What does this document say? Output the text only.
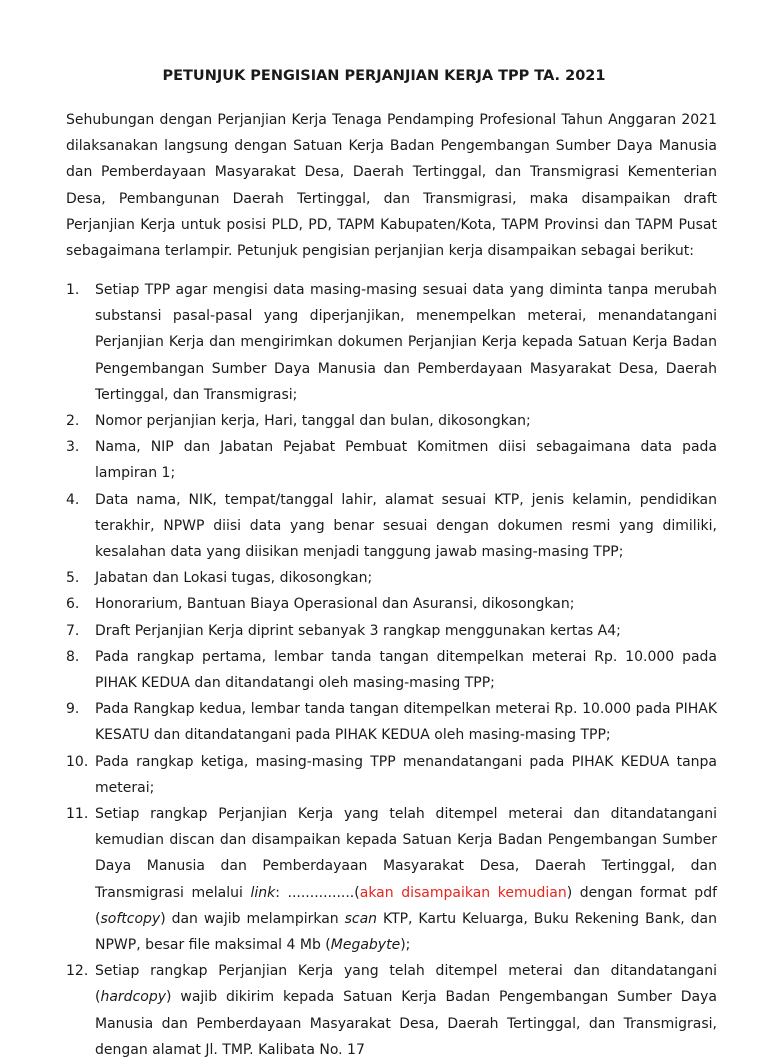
PETUNJUK PENGISIAN PERJANJIAN KERJA TPP TA. 2021

Sehubungan dengan Perjanjian Kerja Tenaga Pendamping Profesional Tahun Anggaran 2021 dilaksanakan langsung dengan Satuan Kerja Badan Pengembangan Sumber Daya Manusia dan Pemberdayaan Masyarakat Desa, Daerah Tertinggal, dan Transmigrasi Kementerian Desa, Pembangunan Daerah Tertinggal, dan Transmigrasi, maka disampaikan draft Perjanjian Kerja untuk posisi PLD, PD, TAPM Kabupaten/Kota, TAPM Provinsi dan TAPM Pusat sebagaimana terlampir. Petunjuk pengisian perjanjian kerja disampaikan sebagai berikut:

1. Setiap TPP agar mengisi data masing-masing sesuai data yang diminta tanpa merubah substansi pasal-pasal yang diperjanjikan, menempelkan meterai, menandatangani Perjanjian Kerja dan mengirimkan dokumen Perjanjian Kerja kepada Satuan Kerja Badan Pengembangan Sumber Daya Manusia dan Pemberdayaan Masyarakat Desa, Daerah Tertinggal, dan Transmigrasi;
2. Nomor perjanjian kerja, Hari, tanggal dan bulan, dikosongkan;
3. Nama, NIP dan Jabatan Pejabat Pembuat Komitmen diisi sebagaimana data pada lampiran 1;
4. Data nama, NIK, tempat/tanggal lahir, alamat sesuai KTP, jenis kelamin, pendidikan terakhir, NPWP diisi data yang benar sesuai dengan dokumen resmi yang dimiliki, kesalahan data yang diisikan menjadi tanggung jawab masing-masing TPP;
5. Jabatan dan Lokasi tugas, dikosongkan;
6. Honorarium, Bantuan Biaya Operasional dan Asuransi, dikosongkan;
7. Draft Perjanjian Kerja diprint sebanyak 3 rangkap menggunakan kertas A4;
8. Pada rangkap pertama, lembar tanda tangan ditempelkan meterai Rp. 10.000 pada PIHAK KEDUA dan ditandatangi oleh masing-masing TPP;
9. Pada Rangkap kedua, lembar tanda tangan ditempelkan meterai Rp. 10.000 pada PIHAK KESATU dan ditandatangani pada PIHAK KEDUA oleh masing-masing TPP;
10. Pada rangkap ketiga, masing-masing TPP menandatangani pada PIHAK KEDUA tanpa meterai;
11. Setiap rangkap Perjanjian Kerja yang telah ditempel meterai dan ditandatangani kemudian discan dan disampaikan kepada Satuan Kerja Badan Pengembangan Sumber Daya Manusia dan Pemberdayaan Masyarakat Desa, Daerah Tertinggal, dan Transmigrasi melalui link: ...............(akan disampaikan kemudian) dengan format pdf (softcopy) dan wajib melampirkan scan KTP, Kartu Keluarga, Buku Rekening Bank, dan NPWP, besar file maksimal 4 Mb (Megabyte);
12. Setiap rangkap Perjanjian Kerja yang telah ditempel meterai dan ditandatangani (hardcopy) wajib dikirim kepada Satuan Kerja Badan Pengembangan Sumber Daya Manusia dan Pemberdayaan Masyarakat Desa, Daerah Tertinggal, dan Transmigrasi, dengan alamat Jl. TMP. Kalibata No. 17
